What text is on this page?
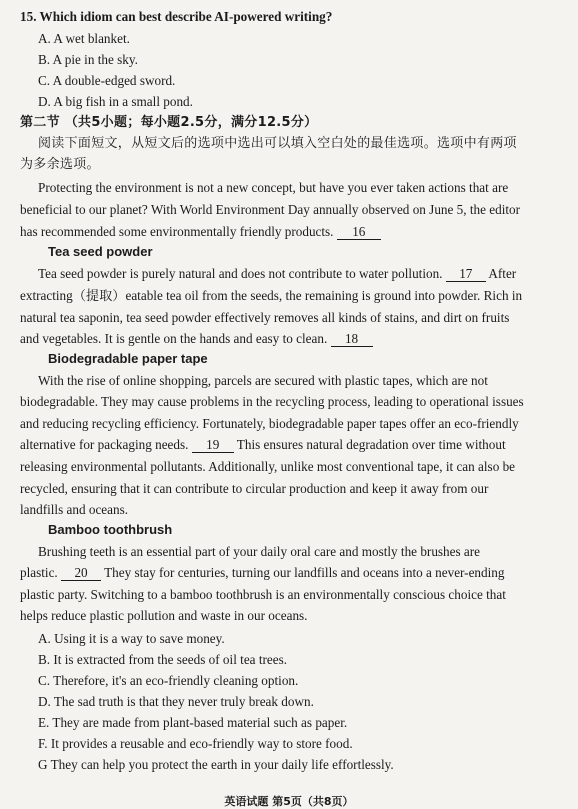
15. Which idiom can best describe AI-powered writing?
A. A wet blanket.
B. A pie in the sky.
C. A double-edged sword.
D. A big fish in a small pond.
第二节 （共5小题；每小题2.5分，满分12.5分）
阅读下面短文，从短文后的选项中选出可以填入空白处的最佳选项。选项中有两项
为多余选项。
Protecting the environment is not a new concept, but have you ever taken actions that are
beneficial to our planet? With World Environment Day annually observed on June 5, the editor
has recommended some environmentally friendly products. 16
Tea seed powder
Tea seed powder is purely natural and does not contribute to water pollution. 17 After
extracting（提取）eatable tea oil from the seeds, the remaining is ground into powder. Rich in
natural tea saponin, tea seed powder effectively removes all kinds of stains, and dirt on fruits
and vegetables. It is gentle on the hands and easy to clean. 18
Biodegradable paper tape
With the rise of online shopping, parcels are secured with plastic tapes, which are not
biodegradable. They may cause problems in the recycling process, leading to operational issues
and reducing recycling efficiency. Fortunately, biodegradable paper tapes offer an eco-friendly
alternative for packaging needs. 19 This ensures natural degradation over time without
releasing environmental pollutants. Additionally, unlike most conventional tape, it can also be
recycled, ensuring that it can contribute to circular production and keep it away from our
landfills and oceans.
Bamboo toothbrush
Brushing teeth is an essential part of your daily oral care and mostly the brushes are
plastic. 20 They stay for centuries, turning our landfills and oceans into a never-ending
plastic party. Switching to a bamboo toothbrush is an environmentally conscious choice that
helps reduce plastic pollution and waste in our oceans.
A. Using it is a way to save money.
B. It is extracted from the seeds of oil tea trees.
C. Therefore, it's an eco-friendly cleaning option.
D. The sad truth is that they never truly break down.
E. They are made from plant-based material such as paper.
F. It provides a reusable and eco-friendly way to store food.
G They can help you protect the earth in your daily life effortlessly.
英语试题 第5页（共8页）
